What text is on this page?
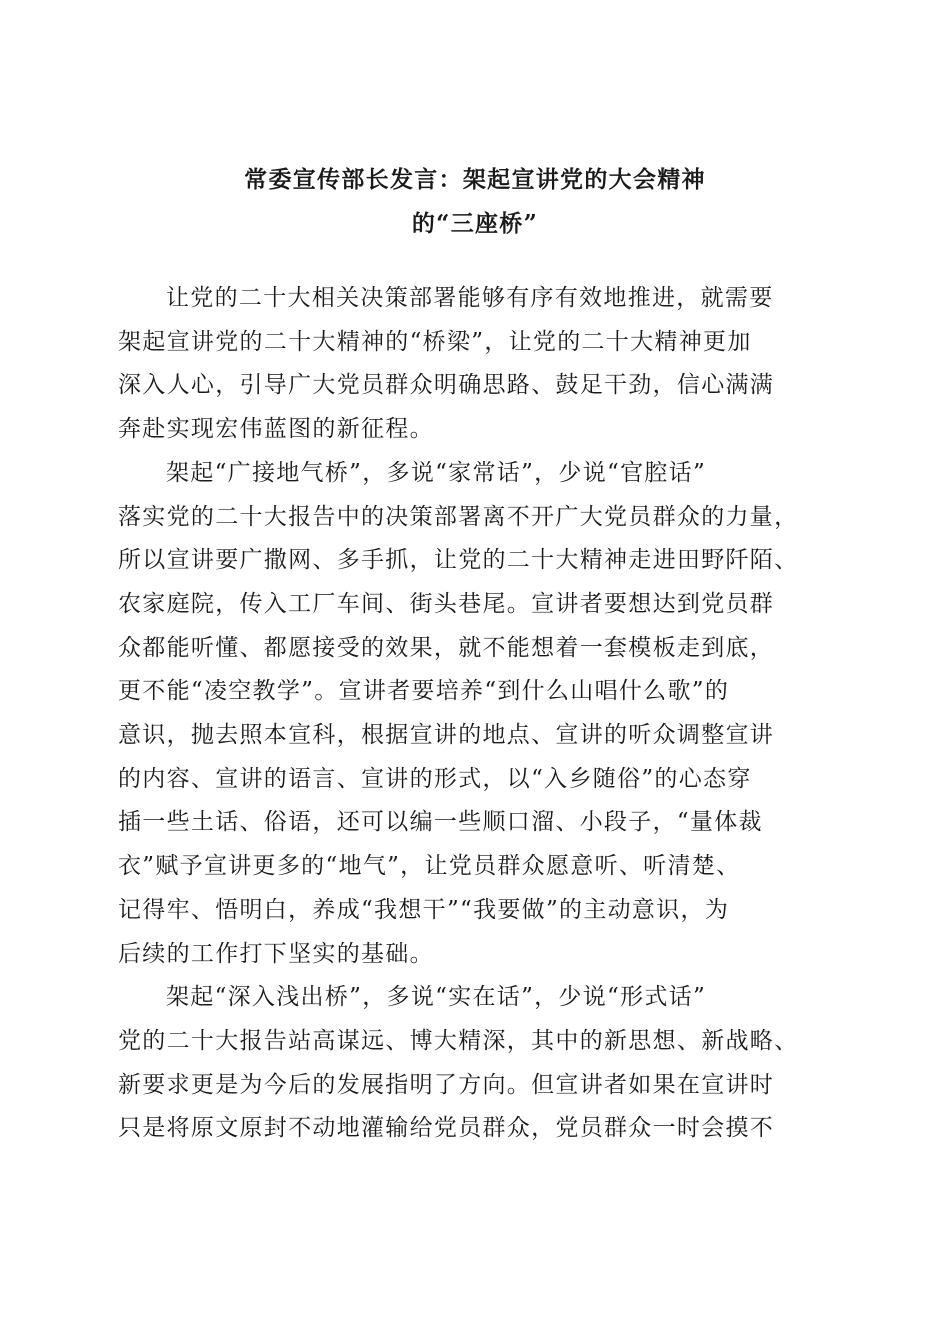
常委宣传部长发言：架起宣讲党的大会精神
的“三座桥”
让党的二十大相关决策部署能够有序有效地推进，就需要
架起宣讲党的二十大精神的“桥梁”，让党的二十大精神更加
深入人心，引导广大党员群众明确思路、鼓足干劲，信心满满
奔赴实现宏伟蓝图的新征程。
架起“广接地气桥”，多说“家常话”，少说“官腔话”
落实党的二十大报告中的决策部署离不开广大党员群众的力量，
所以宣讲要广撒网、多手抓，让党的二十大精神走进田野阡陌、
农家庭院，传入工厂车间、街头巷尾。宣讲者要想达到党员群
众都能听懂、都愿接受的效果，就不能想着一套模板走到底，
更不能“凌空教学”。宣讲者要培养“到什么山唱什么歌”的
意识，抛去照本宣科，根据宣讲的地点、宣讲的听众调整宣讲
的内容、宣讲的语言、宣讲的形式，以“入乡随俗”的心态穿
插一些土话、俗语，还可以编一些顺口溜、小段子，“量体裁
衣”赋予宣讲更多的“地气”，让党员群众愿意听、听清楚、
记得牢、悟明白，养成“我想干”“我要做”的主动意识，为
后续的工作打下坚实的基础。
架起“深入浅出桥”，多说“实在话”，少说“形式话”
党的二十大报告站高谋远、博大精深，其中的新思想、新战略、
新要求更是为今后的发展指明了方向。但宣讲者如果在宣讲时
只是将原文原封不动地灌输给党员群众，党员群众一时会摸不
